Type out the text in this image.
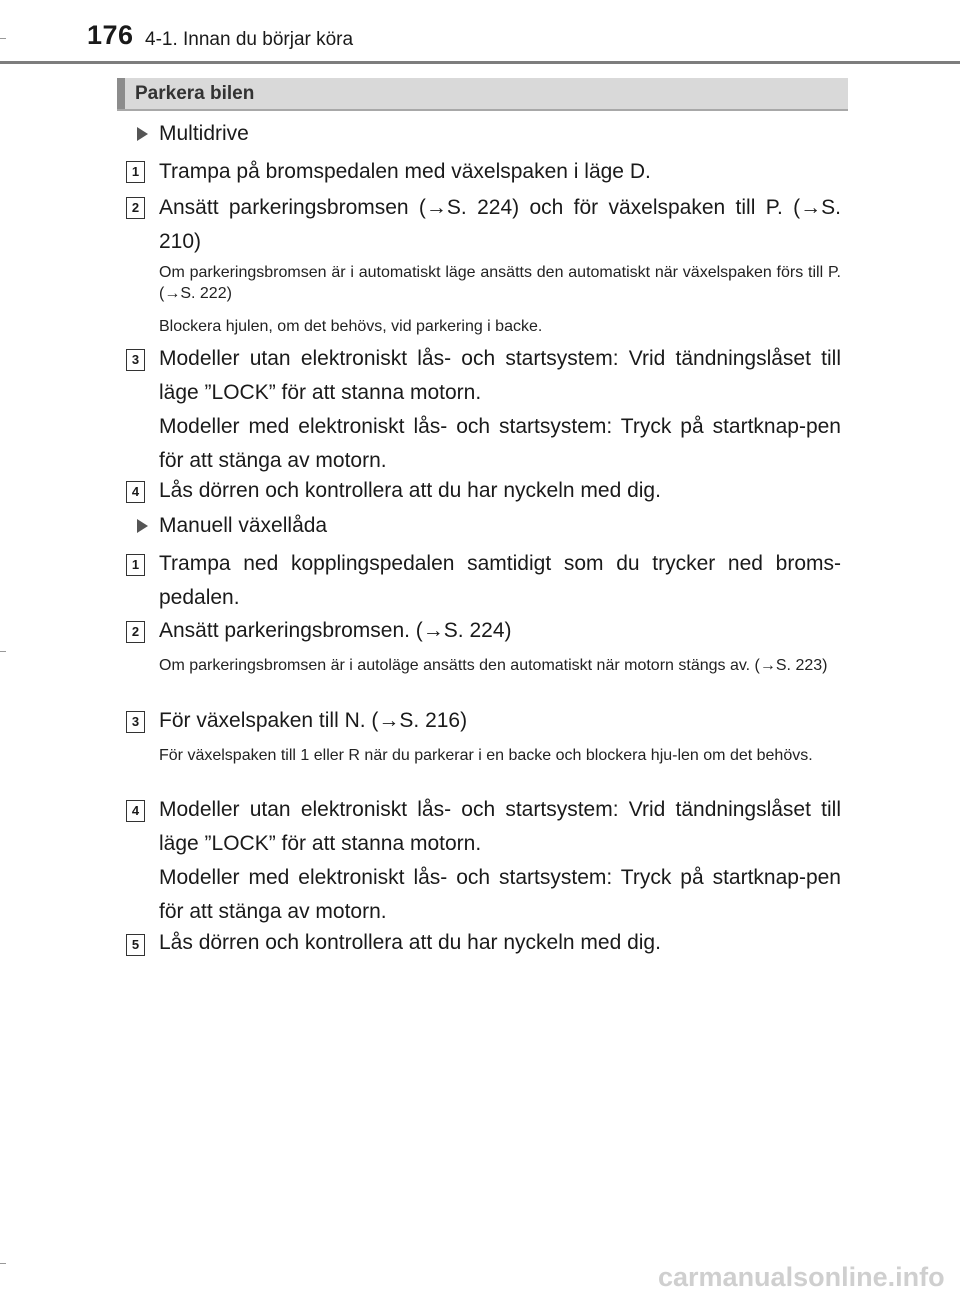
176 4-1. Innan du börjar köra
Parkera bilen
Multidrive
1 Trampa på bromspedalen med växelspaken i läge D.
2 Ansätt parkeringsbromsen (→S. 224) och för växelspaken till P. (→S. 210)
Om parkeringsbromsen är i automatiskt läge ansätts den automatiskt när växelspaken förs till P. (→S. 222)
Blockera hjulen, om det behövs, vid parkering i backe.
3 Modeller utan elektroniskt lås- och startsystem: Vrid tändningslåset till läge ”LOCK” för att stanna motorn.
Modeller med elektroniskt lås- och startsystem: Tryck på startknap-pen för att stänga av motorn.
4 Lås dörren och kontrollera att du har nyckeln med dig.
Manuell växellåda
1 Trampa ned kopplingspedalen samtidigt som du trycker ned broms-pedalen.
2 Ansätt parkeringsbromsen. (→S. 224)
Om parkeringsbromsen är i autoläge ansätts den automatiskt när motorn stängs av. (→S. 223)
3 För växelspaken till N. (→S. 216)
För växelspaken till 1 eller R när du parkerar i en backe och blockera hju-len om det behövs.
4 Modeller utan elektroniskt lås- och startsystem: Vrid tändningslåset till läge ”LOCK” för att stanna motorn.
Modeller med elektroniskt lås- och startsystem: Tryck på startknap-pen för att stänga av motorn.
5 Lås dörren och kontrollera att du har nyckeln med dig.
carmanualsonline.info
